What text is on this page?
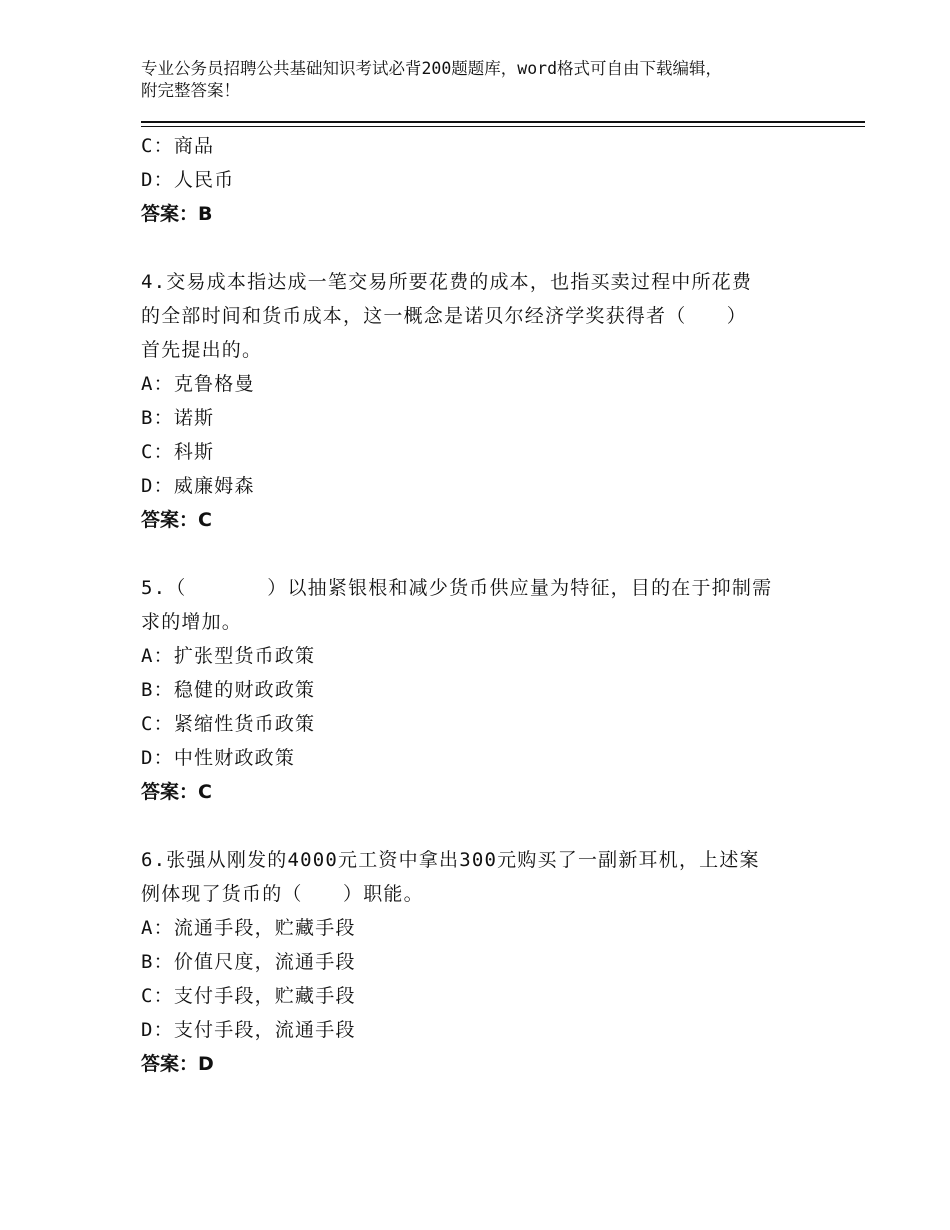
专业公务员招聘公共基础知识考试必背200题题库，word格式可自由下载编辑，
附完整答案！
C：商品
D：人民币
答案：B
4.交易成本指达成一笔交易所要花费的成本，也指买卖过程中所花费
的全部时间和货币成本，这一概念是诺贝尔经济学奖获得者（　　）
首先提出的。
A：克鲁格曼
B：诺斯
C：科斯
D：威廉姆森
答案：C
5.（　　　　）以抽紧银根和减少货币供应量为特征，目的在于抑制需
求的增加。
A：扩张型货币政策
B：稳健的财政政策
C：紧缩性货币政策
D：中性财政政策
答案：C
6.张强从刚发的4000元工资中拿出300元购买了一副新耳机，上述案
例体现了货币的（　　）职能。
A：流通手段，贮藏手段
B：价值尺度，流通手段
C：支付手段，贮藏手段
D：支付手段，流通手段
答案：D
